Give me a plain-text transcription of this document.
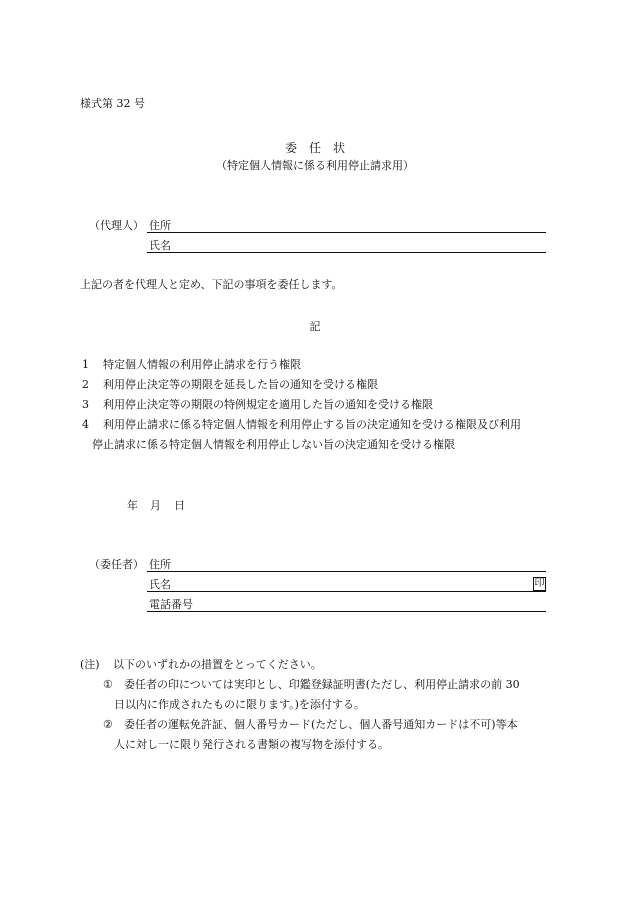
様式第 32 号
委　任　状
（特定個人情報に係る利用停止請求用）
（代理人） 住所
氏名
上記の者を代理人と定め、下記の事項を委任します。
記
1 特定個人情報の利用停止請求を行う権限
2 利用停止決定等の期限を延長した旨の通知を受ける権限
3 利用停止決定等の期限の特例規定を適用した旨の通知を受ける権限
4 利用停止請求に係る特定個人情報を利用停止する旨の決定通知を受ける権限及び利用
停止請求に係る特定個人情報を利用停止しない旨の決定通知を受ける権限
年 月 日
（委任者） 住所
氏名	印
電話番号
(注) 以下のいずれかの措置をとってください。
① 委任者の印については実印とし、印鑑登録証明書(ただし、利用停止請求の前 30
日以内に作成されたものに限ります。)を添付する。
② 委任者の運転免許証、個人番号カード(ただし、個人番号通知カードは不可)等本
人に対し一に限り発行される書類の複写物を添付する。
